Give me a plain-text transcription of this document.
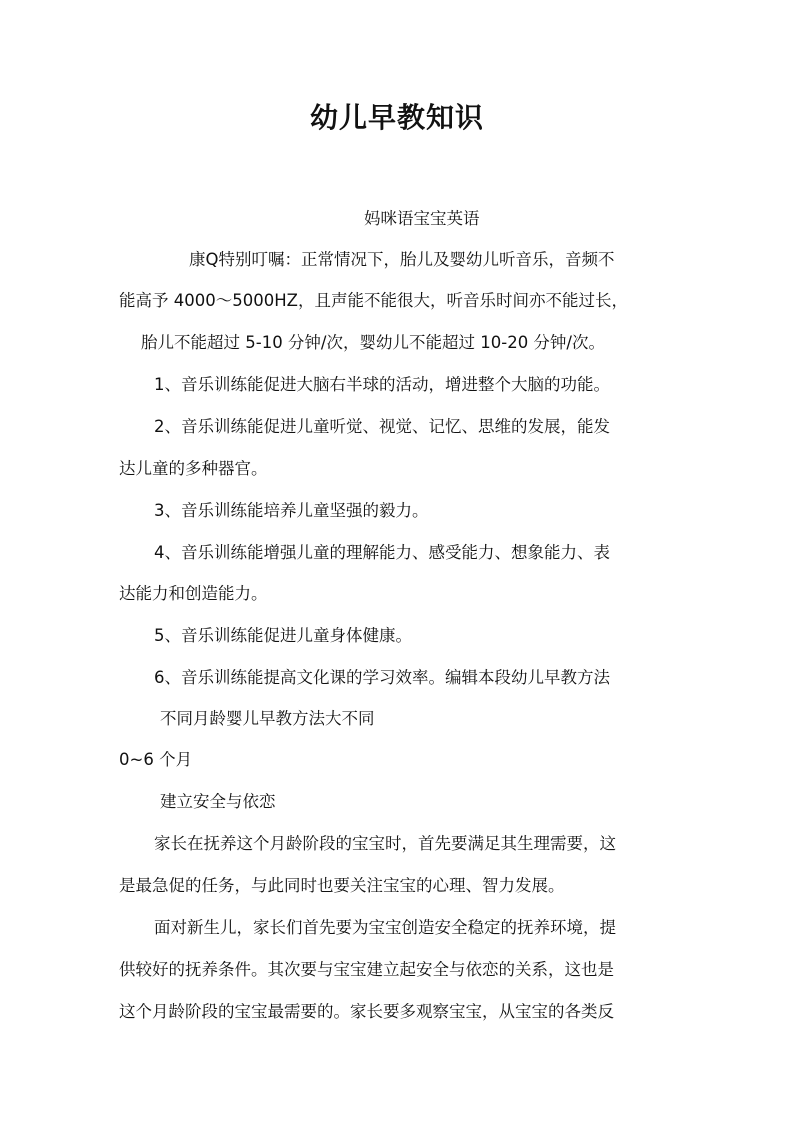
幼儿早教知识
妈咪语宝宝英语
康Q特别叮嘱：正常情况下，胎儿及婴幼儿听音乐，音频不
能高予 4000～5000HZ，且声能不能很大，听音乐时间亦不能过长，
胎儿不能超过 5-10 分钟/次，婴幼儿不能超过 10-20 分钟/次。
1、音乐训练能促进大脑右半球的活动，增进整个大脑的功能。
2、音乐训练能促进儿童听觉、视觉、记忆、思维的发展，能发
达儿童的多种器官。
3、音乐训练能培养儿童坚强的毅力。
4、音乐训练能增强儿童的理解能力、感受能力、想象能力、表
达能力和创造能力。
5、音乐训练能促进儿童身体健康。
6、音乐训练能提高文化课的学习效率。编辑本段幼儿早教方法
不同月龄婴儿早教方法大不同
0~6 个月
建立安全与依恋
家长在抚养这个月龄阶段的宝宝时，首先要满足其生理需要，这
是最急促的任务，与此同时也要关注宝宝的心理、智力发展。
面对新生儿，家长们首先要为宝宝创造安全稳定的抚养环境，提
供较好的抚养条件。其次要与宝宝建立起安全与依恋的关系，这也是
这个月龄阶段的宝宝最需要的。家长要多观察宝宝，从宝宝的各类反
